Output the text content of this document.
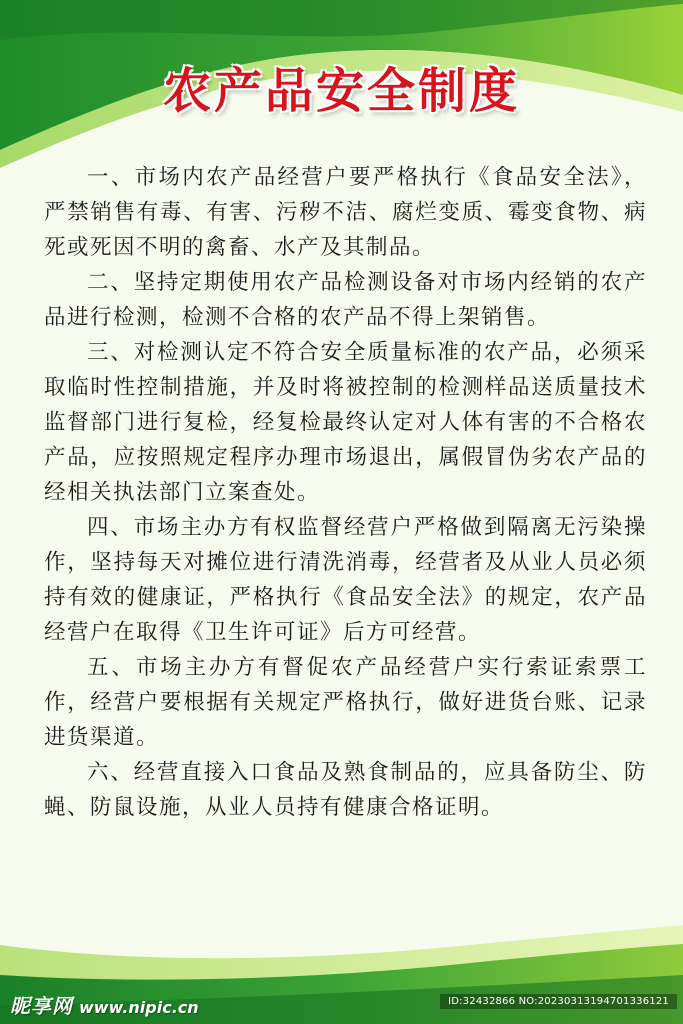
农产品安全制度

一、市场内农产品经营户要严格执行《食品安全法》，严禁销售有毒、有害、污秽不洁、腐烂变质、霉变食物、病死或死因不明的禽畜、水产及其制品。

二、坚持定期使用农产品检测设备对市场内经销的农产品进行检测，检测不合格的农产品不得上架销售。

三、对检测认定不符合安全质量标准的农产品，必须采取临时性控制措施，并及时将被控制的检测样品送质量技术监督部门进行复检，经复检最终认定对人体有害的不合格农产品，应按照规定程序办理市场退出，属假冒伪劣农产品的经相关执法部门立案查处。

四、市场主办方有权监督经营户严格做到隔离无污染操作，坚持每天对摊位进行清洗消毒，经营者及从业人员必须持有效的健康证，严格执行《食品安全法》的规定，农产品经营户在取得《卫生许可证》后方可经营。

五、市场主办方有督促农产品经营户实行索证索票工作，经营户要根据有关规定严格执行，做好进货台账、记录进货渠道。

六、经营直接入口食品及熟食制品的，应具备防尘、防蝇、防鼠设施，从业人员持有健康合格证明。

昵享网 www.nipic.cn	ID:32432866 NO:20230313194701336121
